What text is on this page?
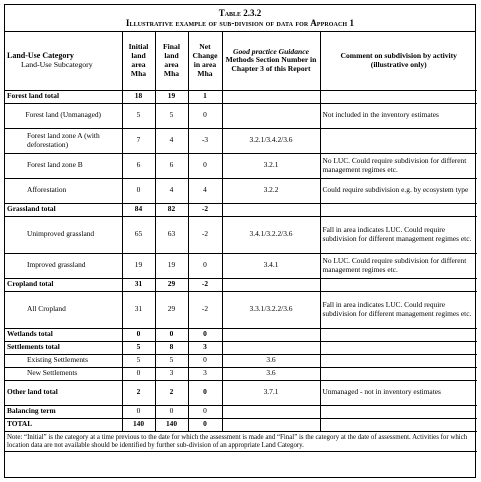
Table 2.3.2
Illustrative example of sub-division of data for Approach 1
Land-Use Category
Land-Use Subcategory	Initial land area Mha	Final land area Mha	Net Change in area Mha	Good practice Guidance Methods Section Number in Chapter 3 of this Report	Comment on subdivision by activity (illustrative only)
Forest land total	18	19	1		
Forest land (Unmanaged)	5	5	0		Not included in the inventory estimates
Forest land zone A (with deforestation)	7	4	-3	3.2.1/3.4.2/3.6	
Forest land zone B	6	6	0	3.2.1	No LUC. Could require subdivision for different management regimes etc.
Afforestation	0	4	4	3.2.2	Could require subdivision e.g. by ecosystem type
Grassland total	84	82	-2		
Unimproved grassland	65	63	-2	3.4.1/3.2.2/3.6	Fall in area indicates LUC. Could require subdivision for different management regimes etc.
Improved grassland	19	19	0	3.4.1	No LUC. Could require subdivision for different management regimes etc.
Cropland total	31	29	-2		
All Cropland	31	29	-2	3.3.1/3.2.2/3.6	Fall in area indicates LUC. Could require subdivision for different management regimes etc.
Wetlands total	0	0	0		
Settlements total	5	8	3		
Existing Settlements	5	5	0	3.6	
New Settlements	0	3	3	3.6	
Other land total	2	2	0	3.7.1	Unmanaged - not in inventory estimates
Balancing term	0	0	0		
TOTAL	140	140	0		
Note: “Initial” is the category at a time previous to the date for which the assessment is made and “Final” is the category at the date of assessment. Activities for which location data are not available should be identified by further sub-division of an appropriate Land Category.					
